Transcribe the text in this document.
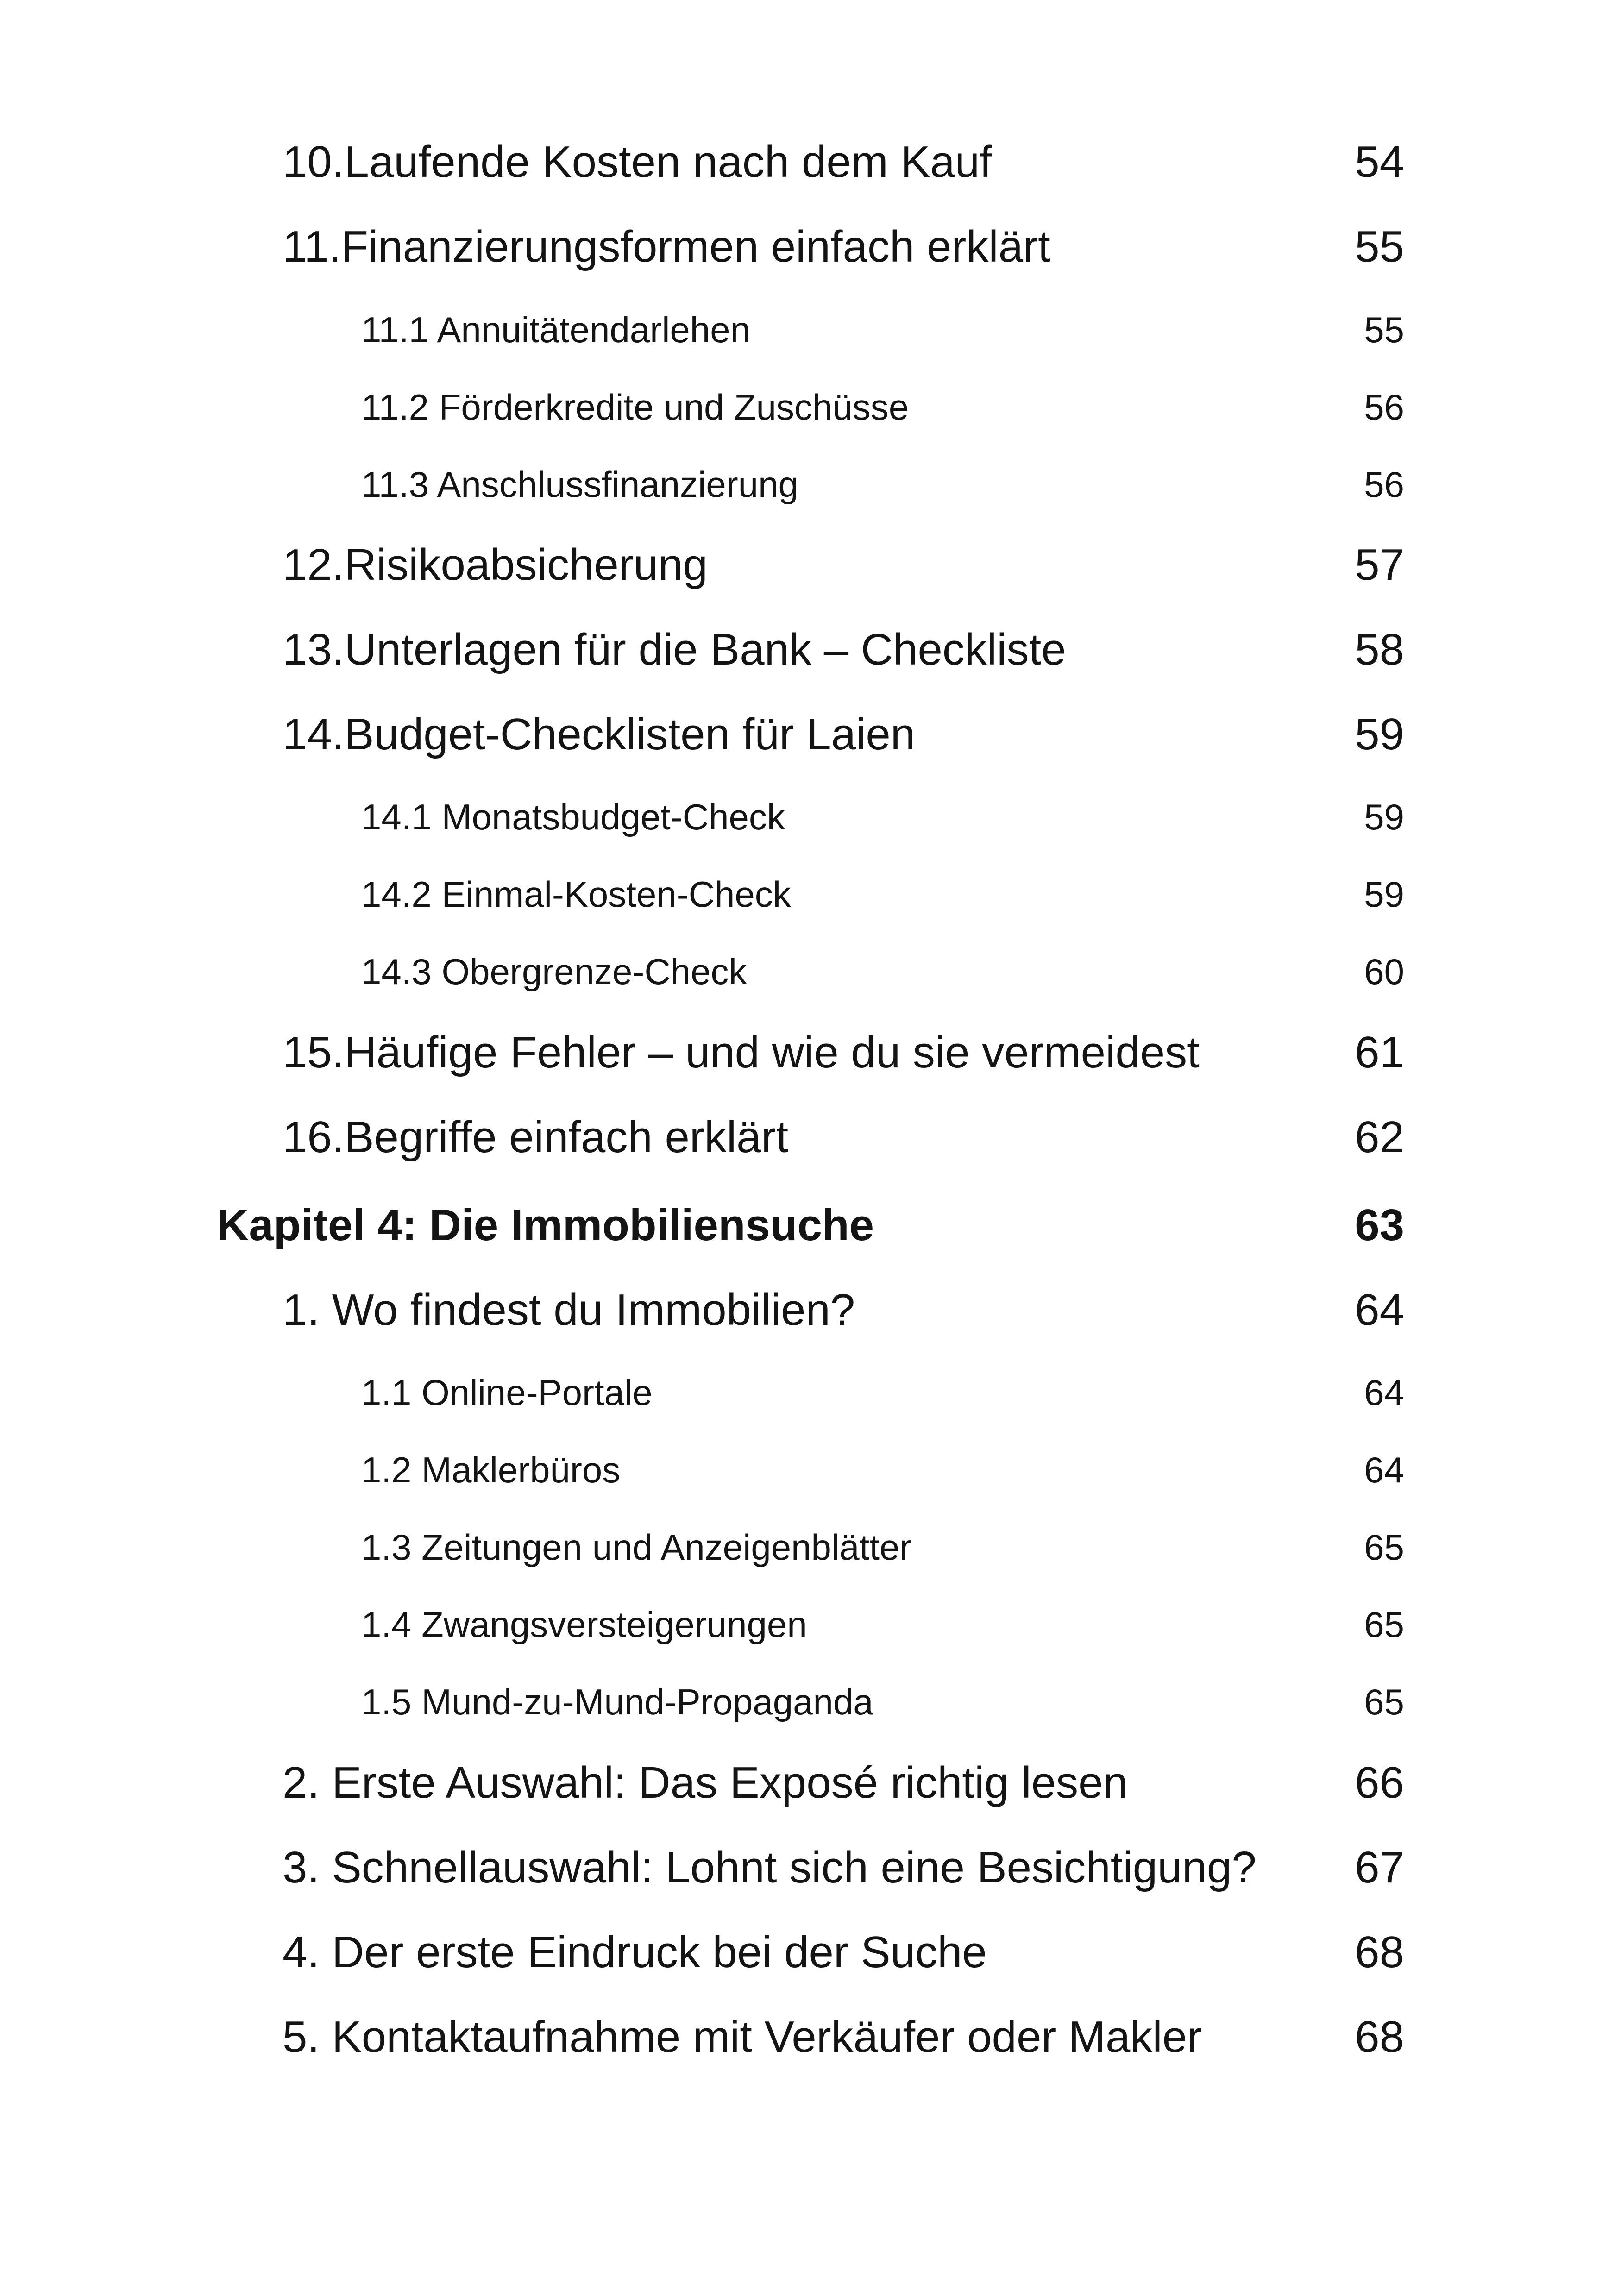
10.Laufende Kosten nach dem Kauf	54
11.Finanzierungsformen einfach erklärt	55
11.1 Annuitätendarlehen	55
11.2 Förderkredite und Zuschüsse	56
11.3 Anschlussfinanzierung	56
12.Risikoabsicherung	57
13.Unterlagen für die Bank – Checkliste	58
14.Budget-Checklisten für Laien	59
14.1 Monatsbudget-Check	59
14.2 Einmal-Kosten-Check	59
14.3 Obergrenze-Check	60
15.Häufige Fehler – und wie du sie vermeidest	61
16.Begriffe einfach erklärt	62
Kapitel 4: Die Immobiliensuche	63
1. Wo findest du Immobilien?	64
1.1 Online-Portale	64
1.2 Maklerbüros	64
1.3 Zeitungen und Anzeigenblätter	65
1.4 Zwangsversteigerungen	65
1.5 Mund-zu-Mund-Propaganda	65
2. Erste Auswahl: Das Exposé richtig lesen	66
3. Schnellauswahl: Lohnt sich eine Besichtigung? 67
4. Der erste Eindruck bei der Suche	68
5. Kontaktaufnahme mit Verkäufer oder Makler	68
